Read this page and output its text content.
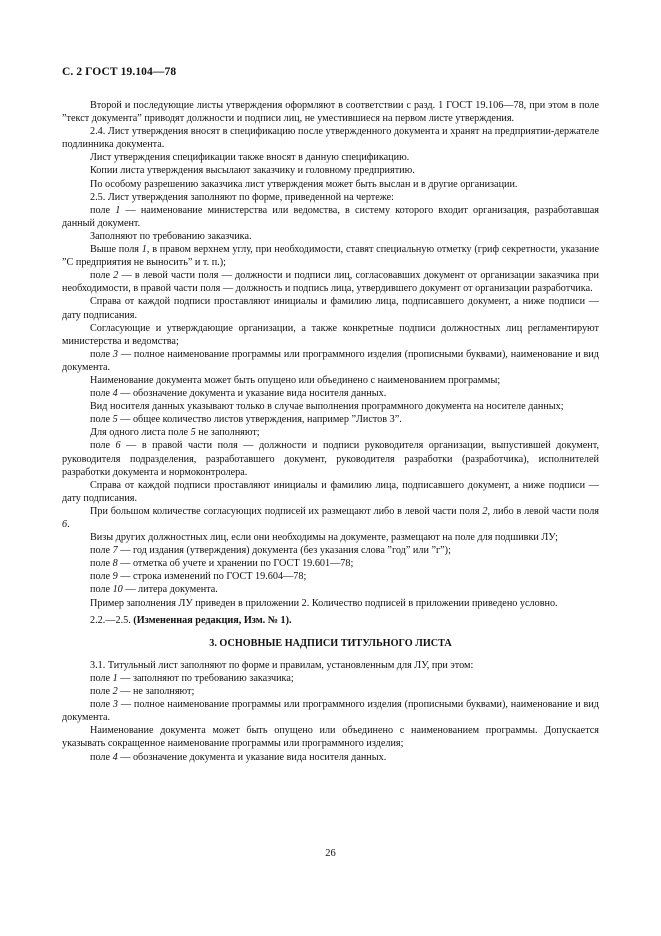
С. 2 ГОСТ 19.104—78

Второй и последующие листы утверждения оформляют в соответствии с разд. 1 ГОСТ 19.106—78, при этом в поле ”текст документа” приводят должности и подписи лиц, не уместившиеся на первом листе утверждения.

2.4. Лист утверждения вносят в спецификацию после утвержденного документа и хранят на предприятии-держателе подлинника документа.

Лист утверждения спецификации также вносят в данную спецификацию.

Копии листа утверждения высылают заказчику и головному предприятию.

По особому разрешению заказчика лист утверждения может быть выслан и в другие организации.

2.5. Лист утверждения заполняют по форме, приведенной на чертеже:

поле 1 — наименование министерства или ведомства, в систему которого входит организация, разработавшая данный документ.

Заполняют по требованию заказчика.

Выше поля 1, в правом верхнем углу, при необходимости, ставят специальную отметку (гриф секретности, указание ”С предприятия не выносить” и т. п.);

поле 2 — в левой части поля — должности и подписи лиц, согласовавших документ от организации заказчика при необходимости, в правой части поля — должность и подпись лица, утвердившего документ от организации разработчика.

Справа от каждой подписи проставляют инициалы и фамилию лица, подписавшего документ, а ниже подписи — дату подписания.

Согласующие и утверждающие организации, а также конкретные подписи должностных лиц регламентируют министерства и ведомства;

поле 3 — полное наименование программы или программного изделия (прописными буквами), наименование и вид документа.

Наименование документа может быть опущено или объединено с наименованием программы;

поле 4 — обозначение документа и указание вида носителя данных.

Вид носителя данных указывают только в случае выполнения программного документа на носителе данных;

поле 5 — общее количество листов утверждения, например ”Листов 3”.

Для одного листа поле 5 не заполняют;

поле 6 — в правой части поля — должности и подписи руководителя организации, выпустившей документ, руководителя подразделения, разработавшего документ, руководителя разработки (разработчика), исполнителей разработки документа и нормоконтролера.

Справа от каждой подписи проставляют инициалы и фамилию лица, подписавшего документ, а ниже подписи — дату подписания.

При большом количестве согласующих подписей их размещают либо в левой части поля 2, либо в левой части поля 6.

Визы других должностных лиц, если они необходимы на документе, размещают на поле для подшивки ЛУ;

поле 7 — год издания (утверждения) документа (без указания слова ”год” или ”г”);

поле 8 — отметка об учете и хранении по ГОСТ 19.601—78;

поле 9 — строка изменений по ГОСТ 19.604—78;

поле 10 — литера документа.

Пример заполнения ЛУ приведен в приложении 2. Количество подписей в приложении приведено условно.

2.2.—2.5. (Измененная редакция, Изм. № 1).

3. ОСНОВНЫЕ НАДПИСИ ТИТУЛЬНОГО ЛИСТА

3.1. Титульный лист заполняют по форме и правилам, установленным для ЛУ, при этом:

поле 1 — заполняют по требованию заказчика;

поле 2 — не заполняют;

поле 3 — полное наименование программы или программного изделия (прописными буквами), наименование и вид документа.

Наименование документа может быть опущено или объединено с наименованием программы. Допускается указывать сокращенное наименование программы или программного изделия;

поле 4 — обозначение документа и указание вида носителя данных.

26
